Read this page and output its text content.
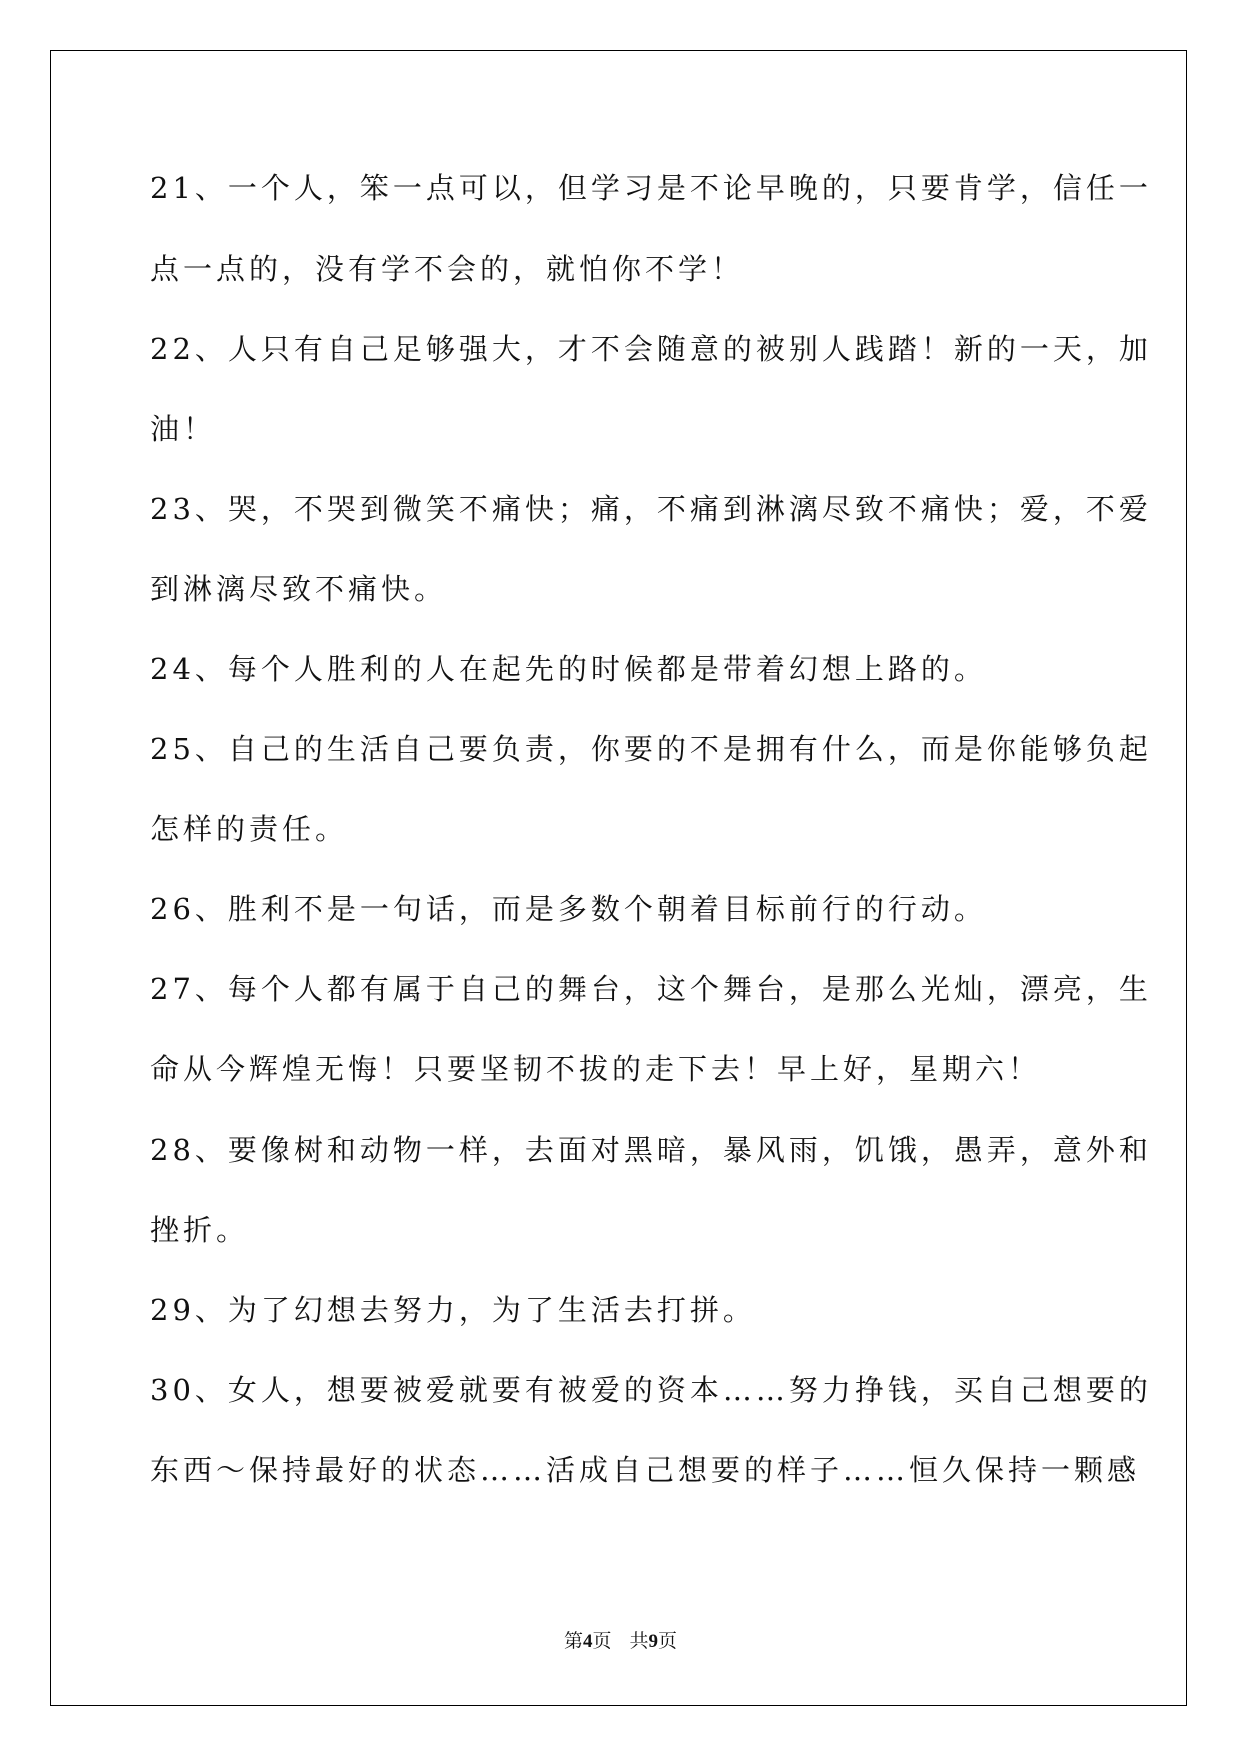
21、一个人，笨一点可以，但学习是不论早晚的，只要肯学，信任一
点一点的，没有学不会的，就怕你不学！
22、人只有自己足够强大，才不会随意的被别人践踏！新的一天，加
油！
23、哭，不哭到微笑不痛快；痛，不痛到淋漓尽致不痛快；爱，不爱
到淋漓尽致不痛快。
24、每个人胜利的人在起先的时候都是带着幻想上路的。
25、自己的生活自己要负责，你要的不是拥有什么，而是你能够负起
怎样的责任。
26、胜利不是一句话，而是多数个朝着目标前行的行动。
27、每个人都有属于自己的舞台，这个舞台，是那么光灿，漂亮，生
命从今辉煌无悔！只要坚韧不拔的走下去！早上好，星期六！
28、要像树和动物一样，去面对黑暗，暴风雨，饥饿，愚弄，意外和
挫折。
29、为了幻想去努力，为了生活去打拼。
30、女人，想要被爱就要有被爱的资本……努力挣钱，买自己想要的
东西～保持最好的状态……活成自己想要的样子……恒久保持一颗感
第4页 共9页
